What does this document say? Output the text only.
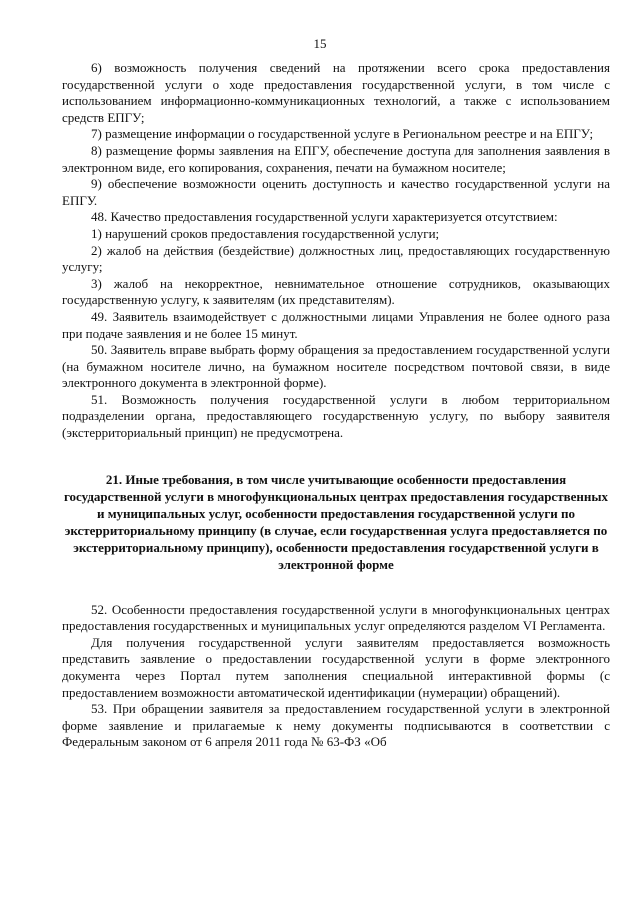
15

6) возможность получения сведений на протяжении всего срока предоставления государственной услуги о ходе предоставления государственной услуги, в том числе с использованием информационно-коммуникационных технологий, а также с использованием средств ЕПГУ;

7) размещение информации о государственной услуге в Региональном реестре и на ЕПГУ;

8) размещение формы заявления на ЕПГУ, обеспечение доступа для заполнения заявления в электронном виде, его копирования, сохранения, печати на бумажном носителе;

9) обеспечение возможности оценить доступность и качество государственной услуги на ЕПГУ.

48. Качество предоставления государственной услуги характеризуется отсутствием:

1) нарушений сроков предоставления государственной услуги;

2) жалоб на действия (бездействие) должностных лиц, предоставляющих государственную услугу;

3) жалоб на некорректное, невнимательное отношение сотрудников, оказывающих государственную услугу, к заявителям (их представителям).

49. Заявитель взаимодействует с должностными лицами Управления не более одного раза при подаче заявления и не более 15 минут.

50. Заявитель вправе выбрать форму обращения за предоставлением государственной услуги (на бумажном носителе лично, на бумажном носителе посредством почтовой связи, в виде электронного документа в электронной форме).

51. Возможность получения государственной услуги в любом территориальном подразделении органа, предоставляющего государственную услугу, по выбору заявителя (экстерриториальный принцип) не предусмотрена.

21. Иные требования, в том числе учитывающие особенности предоставления государственной услуги в многофункциональных центрах предоставления государственных и муниципальных услуг, особенности предоставления государственной услуги по экстерриториальному принципу (в случае, если государственная услуга предоставляется по экстерриториальному принципу), особенности предоставления государственной услуги в электронной форме

52. Особенности предоставления государственной услуги в многофункциональных центрах предоставления государственных и муниципальных услуг определяются разделом VI Регламента.

Для получения государственной услуги заявителям предоставляется возможность представить заявление о предоставлении государственной услуги в форме электронного документа через Портал путем заполнения специальной интерактивной формы (с предоставлением возможности автоматической идентификации (нумерации) обращений).

53. При обращении заявителя за предоставлением государственной услуги в электронной форме заявление и прилагаемые к нему документы подписываются в соответствии с Федеральным законом от 6 апреля 2011 года № 63-ФЗ «Об
